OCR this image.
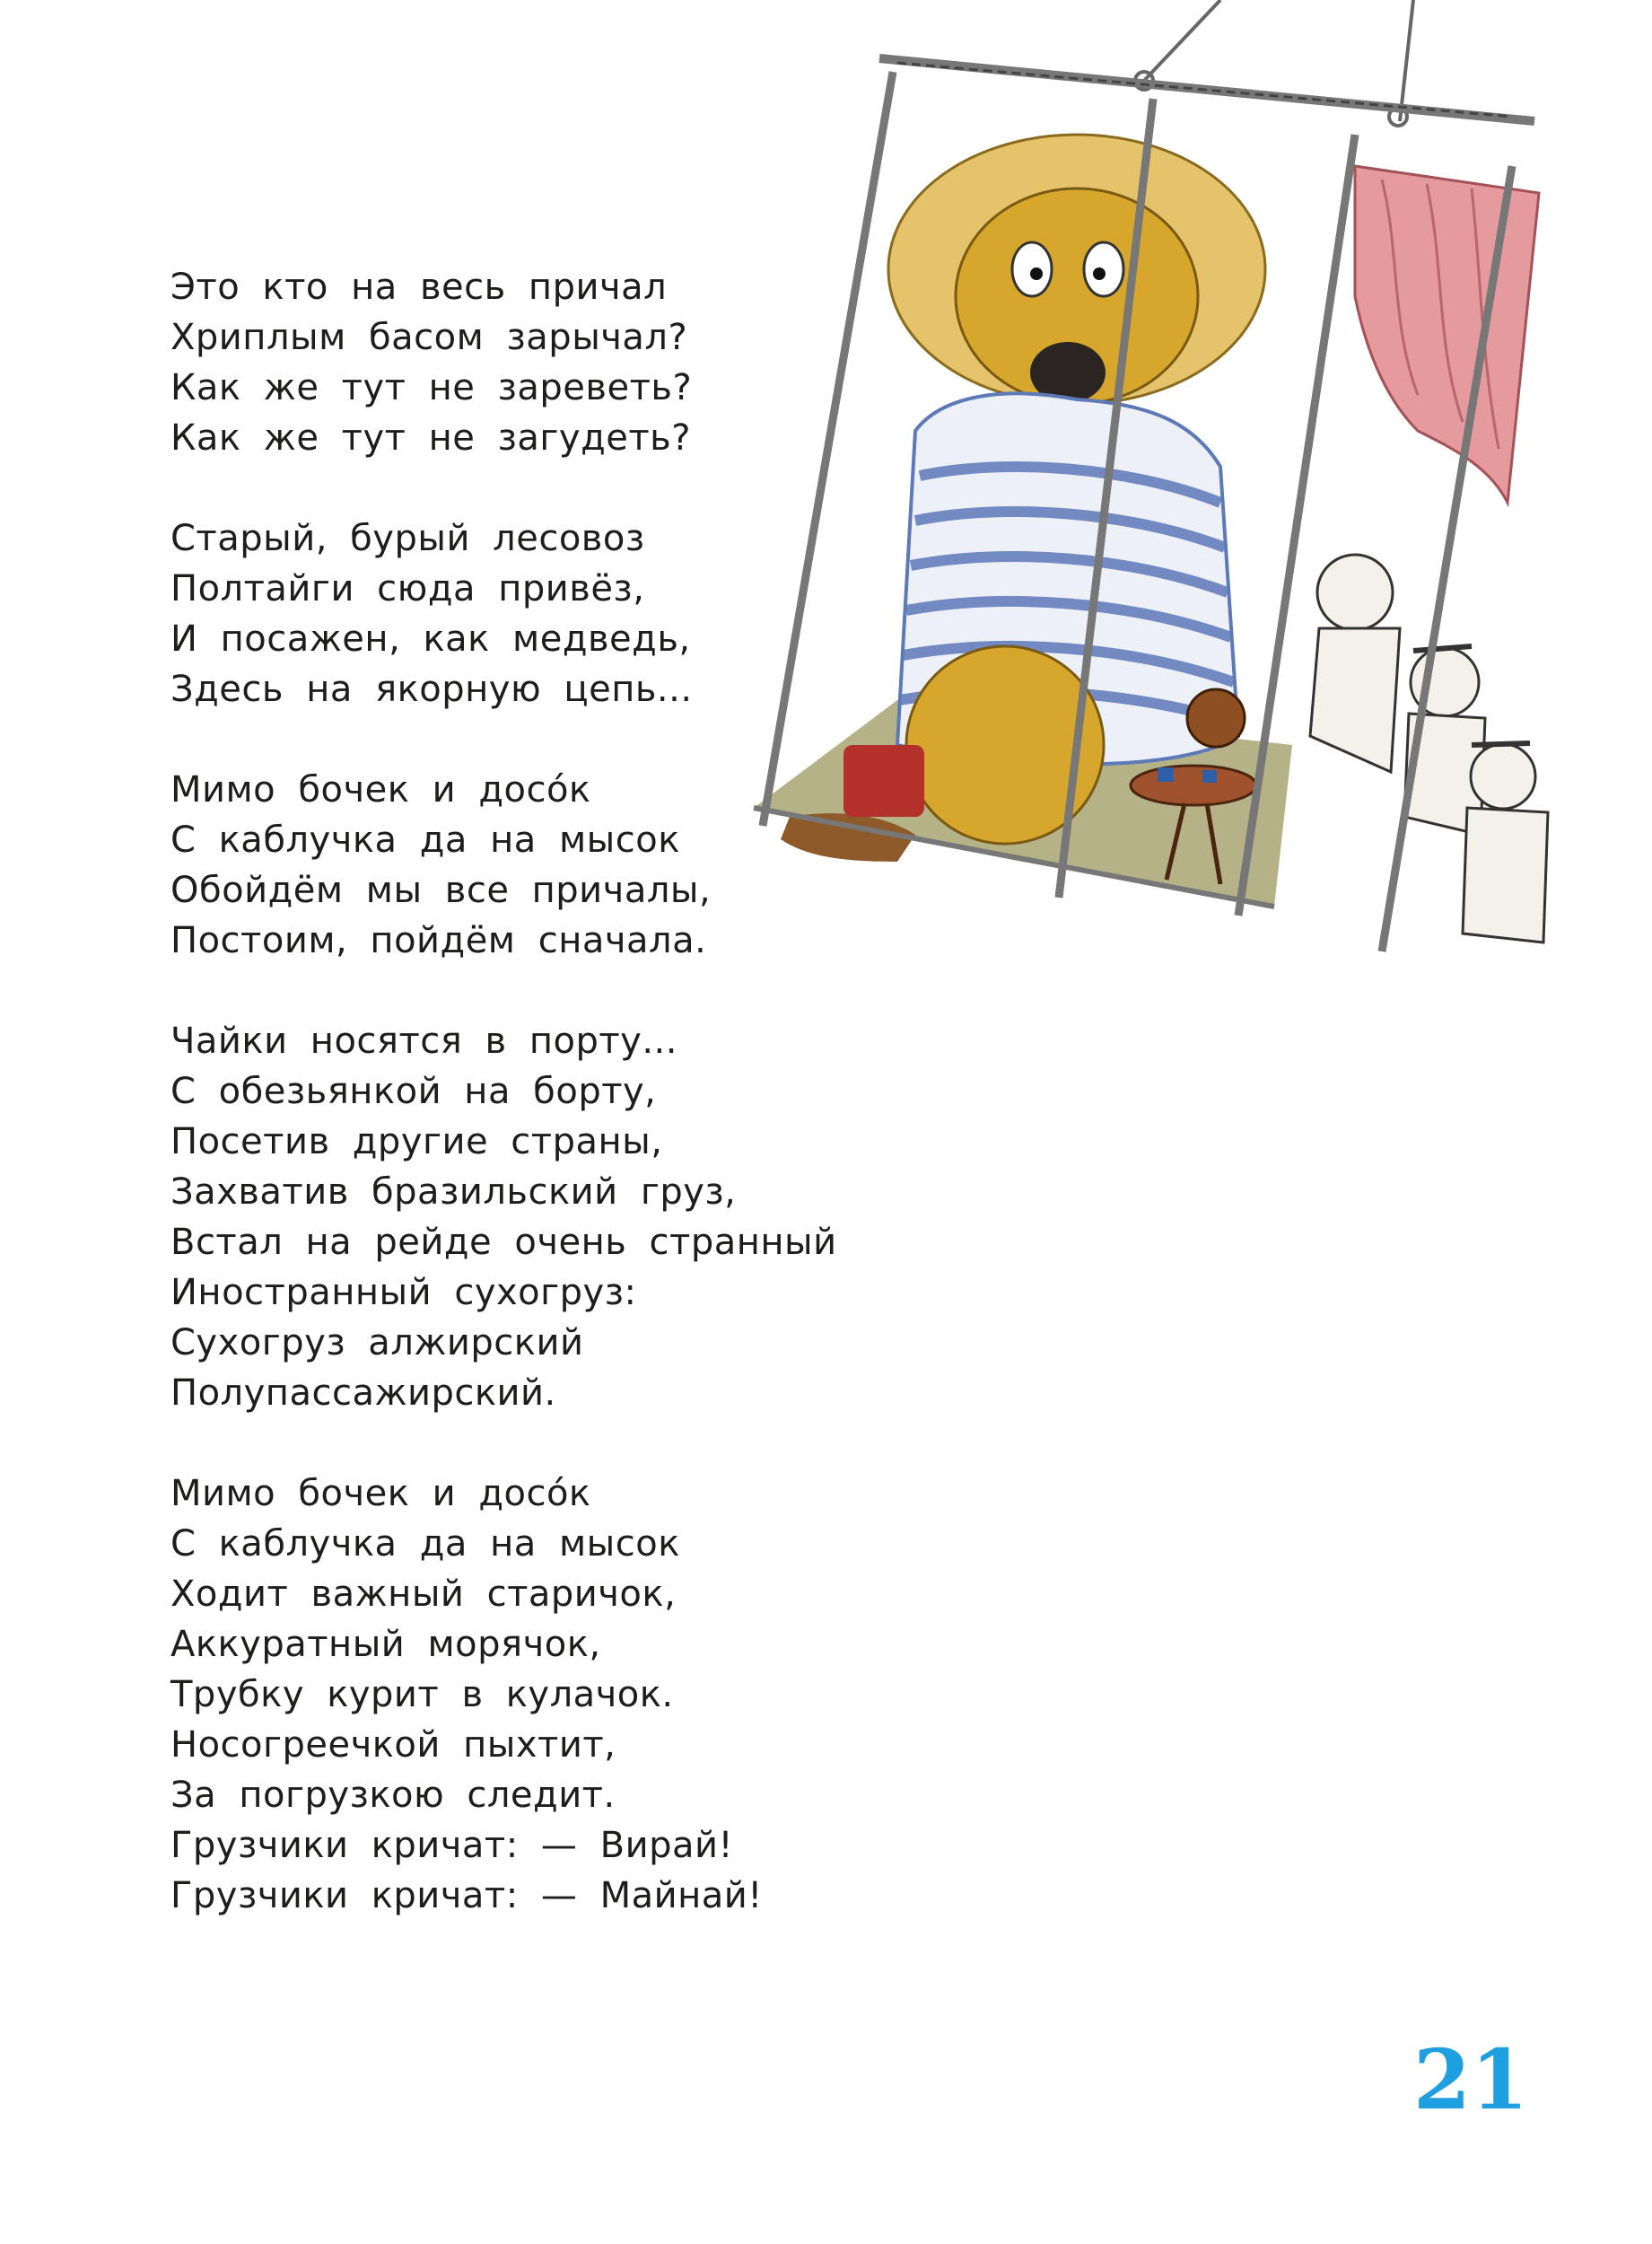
Это кто на весь причал
Хриплым басом зарычал?
Как же тут не зареветь?
Как же тут не загудеть?
Старый, бурый лесовоз
Полтайги сюда привёз,
И посажен, как медведь,
Здесь на якорную цепь...
Мимо бочек и досóк
С каблучка да на мысок
Обойдём мы все причалы,
Постоим, пойдём сначала.
Чайки носятся в порту...
С обезьянкой на борту,
Посетив другие страны,
Захватив бразильский груз,
Встал на рейде очень странный
Иностранный сухогруз:
Сухогруз алжирский
Полупассажирский.
Мимо бочек и досóк
С каблучка да на мысок
Ходит важный старичок,
Аккуратный морячок,
Трубку курит в кулачок.
Носогреечкой пыхтит,
За погрузкою следит.
Грузчики кричат: — Вирай!
Грузчики кричат: — Майнай!
21
